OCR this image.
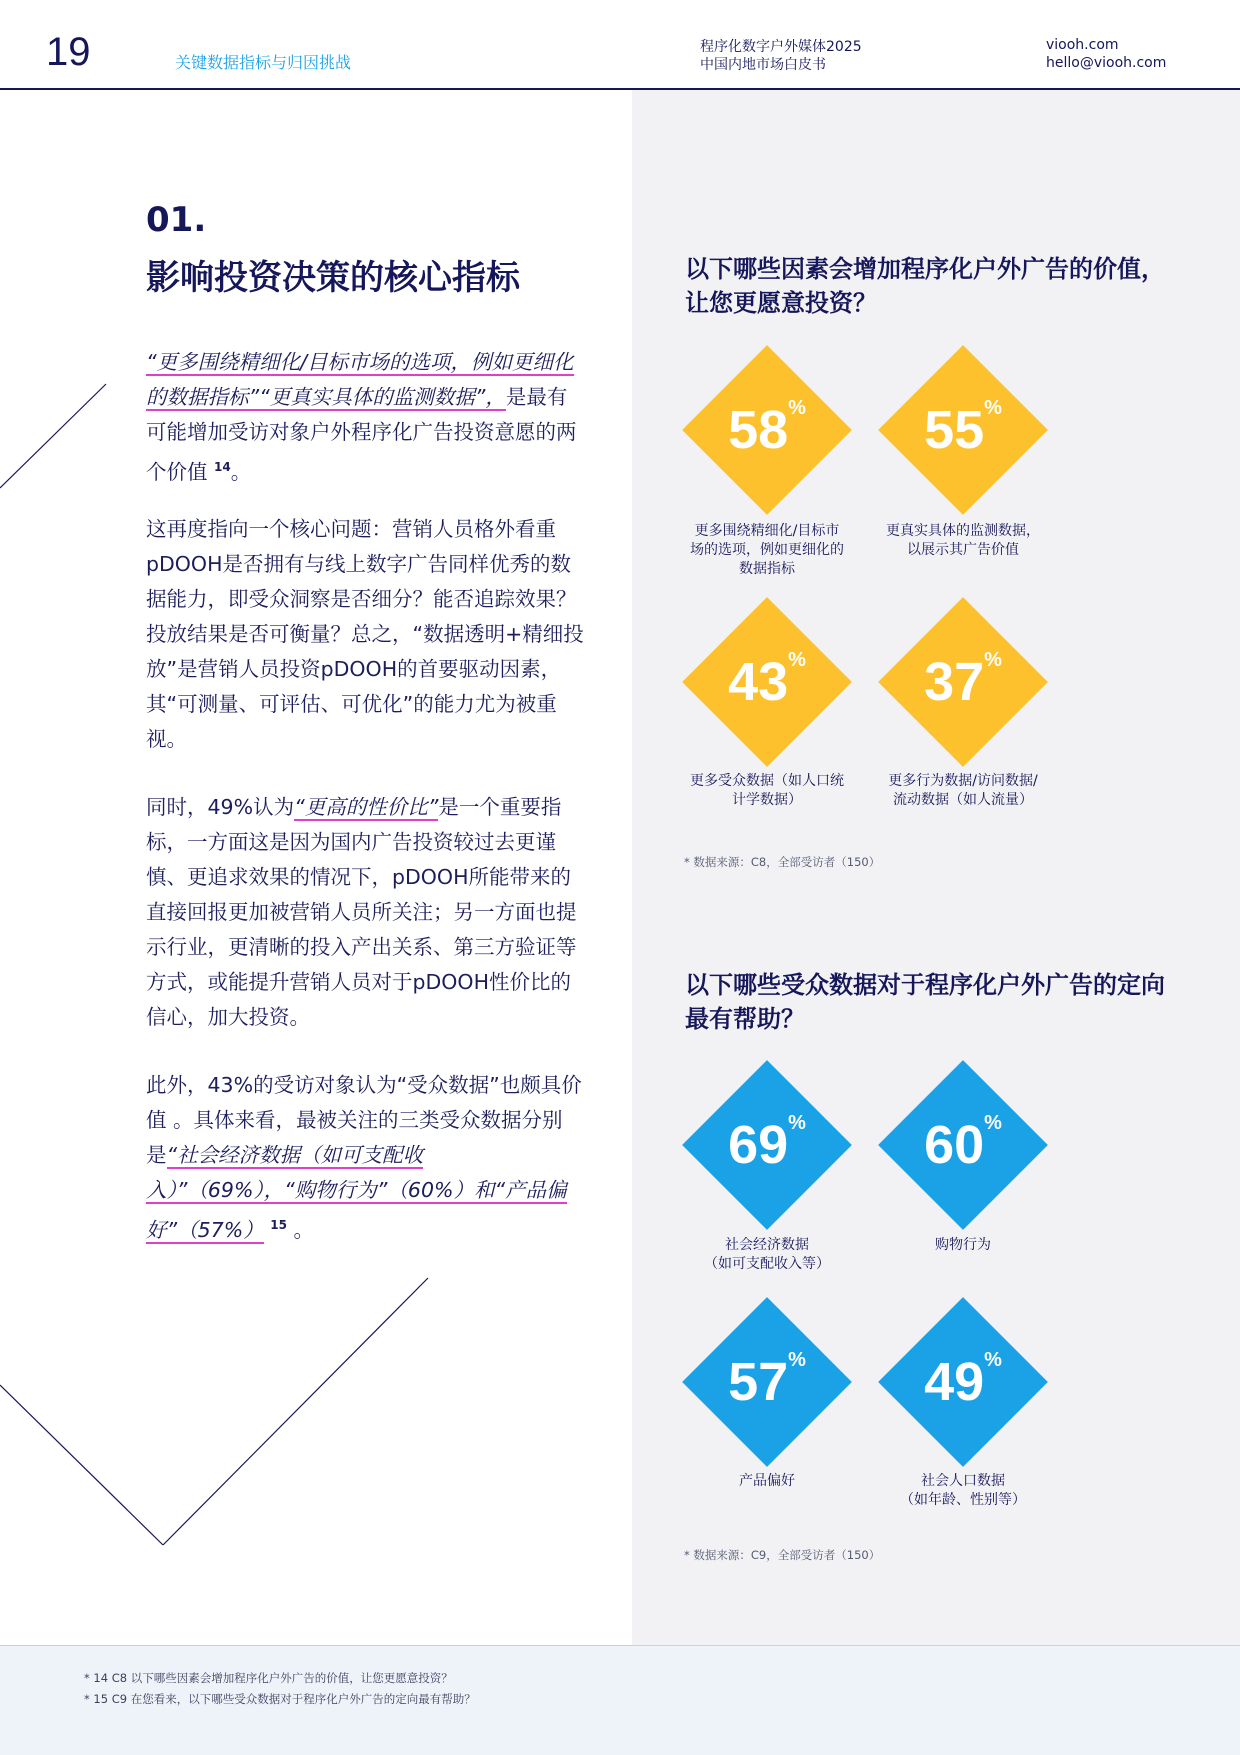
19	关键数据指标与归因挑战
程序化数字户外媒体2025
中国内地市场白皮书
viooh.com
hello@viooh.com
01.
影响投资决策的核心指标

“更多围绕精细化/目标市场的选项，例如更细化的数据指标”“更真实具体的监测数据”，是最有可能增加受访对象户外程序化广告投资意愿的两个价值 $^{14}$。

这再度指向一个核心问题：营销人员格外看重pDOOH是否拥有与线上数字广告同样优秀的数据能力，即受众洞察是否细分？能否追踪效果？投放结果是否可衡量？总之，“数据透明+精细投放”是营销人员投资pDOOH的首要驱动因素，其“可测量、可评估、可优化”的能力尤为被重视。

同时，49%认为“更高的性价比”是一个重要指标，一方面这是因为国内广告投资较过去更谨慎、更追求效果的情况下，pDOOH所能带来的直接回报更加被营销人员所关注；另一方面也提示行业，更清晰的投入产出关系、第三方验证等方式，或能提升营销人员对于pDOOH性价比的信心，加大投资。

此外，43%的受访对象认为“受众数据”也颇具价值 。具体来看，最被关注的三类受众数据分别是“社会经济数据（如可支配收入）”（69%），“购物行为”（60%）和“产品偏好”（57%） $^{15}$ 。

以下哪些因素会增加程序化户外广告的价值，让您更愿意投资？
58 % 55 %
更多围绕精细化/目标市
场的选项，例如更细化的
数据指标
更真实具体的监测数据，
以展示其广告价值
43 % 37 %
更多受众数据（如人口统
计学数据）
更多行为数据/访问数据/
流动数据（如人流量）
* 数据来源：C8，全部受访者（150）
以下哪些受众数据对于程序化户外广告的定向最有帮助？
69 % 60 %
社会经济数据
（如可支配收入等）
购物行为
57 % 49 %
产品偏好	社会人口数据
（如年龄、性别等）
* 数据来源：C9，全部受访者（150）
* 14 C8 以下哪些因素会增加程序化户外广告的价值，让您更愿意投资？
* 15 C9 在您看来，以下哪些受众数据对于程序化户外广告的定向最有帮助？
